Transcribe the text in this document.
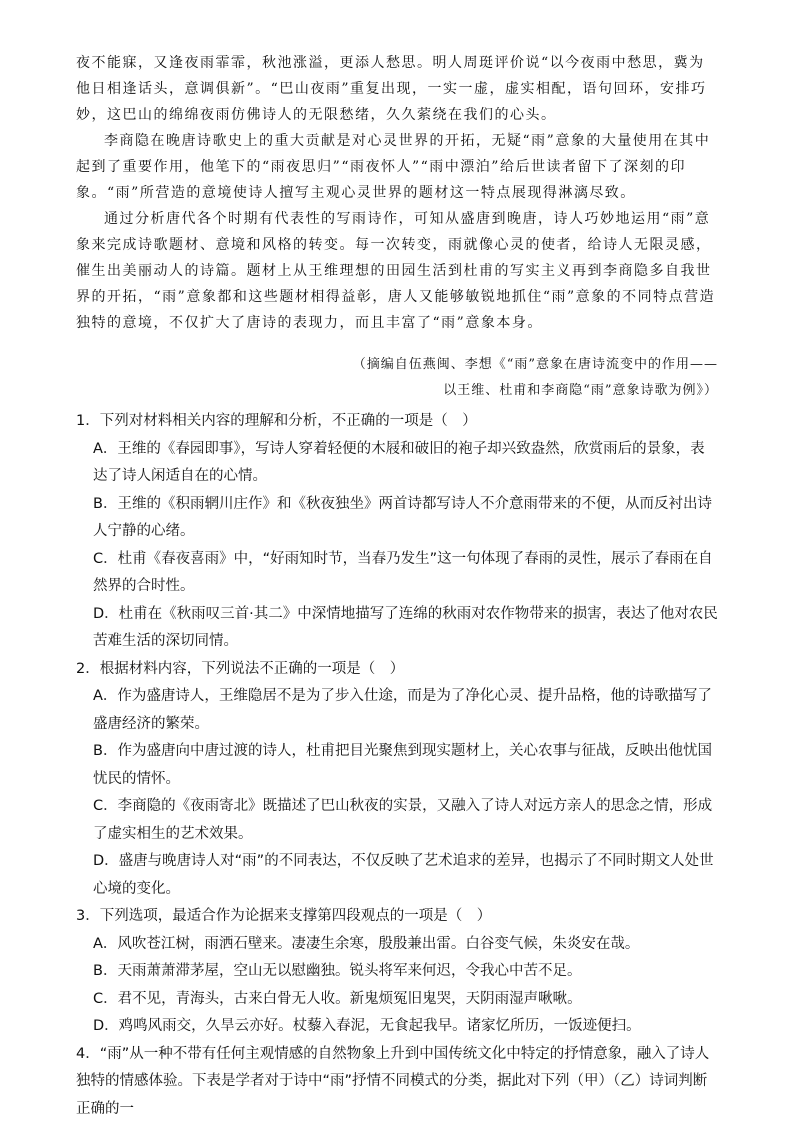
夜不能寐，又逢夜雨霏霏，秋池涨溢，更添人愁思。明人周珽评价说“以今夜雨中愁思，冀为他日相逢话头，意调俱新”。“巴山夜雨”重复出现，一实一虚，虚实相配，语句回环，安排巧妙，这巴山的绵绵夜雨仿佛诗人的无限愁绪，久久萦绕在我们的心头。

李商隐在晚唐诗歌史上的重大贡献是对心灵世界的开拓，无疑“雨”意象的大量使用在其中起到了重要作用，他笔下的“雨夜思归”“雨夜怀人”“雨中漂泊”给后世读者留下了深刻的印象。“雨”所营造的意境使诗人擅写主观心灵世界的题材这一特点展现得淋漓尽致。

通过分析唐代各个时期有代表性的写雨诗作，可知从盛唐到晚唐，诗人巧妙地运用“雨”意象来完成诗歌题材、意境和风格的转变。每一次转变，雨就像心灵的使者，给诗人无限灵感，催生出美丽动人的诗篇。题材上从王维理想的田园生活到杜甫的写实主义再到李商隐多自我世界的开拓，“雨”意象都和这些题材相得益彰，唐人又能够敏锐地抓住“雨”意象的不同特点营造独特的意境，不仅扩大了唐诗的表现力，而且丰富了“雨”意象本身。

（摘编自伍燕闽、李想《“雨”意象在唐诗流变中的作用——
以王维、杜甫和李商隐“雨”意象诗歌为例》）

1．下列对材料相关内容的理解和分析，不正确的一项是（　）

A．王维的《春园即事》，写诗人穿着轻便的木屐和破旧的袍子却兴致盎然，欣赏雨后的景象，表达了诗人闲适自在的心情。

B．王维的《积雨辋川庄作》和《秋夜独坐》两首诗都写诗人不介意雨带来的不便，从而反衬出诗人宁静的心绪。

C．杜甫《春夜喜雨》中，“好雨知时节，当春乃发生”这一句体现了春雨的灵性，展示了春雨在自然界的合时性。

D．杜甫在《秋雨叹三首·其二》中深情地描写了连绵的秋雨对农作物带来的损害，表达了他对农民苦难生活的深切同情。

2．根据材料内容，下列说法不正确的一项是（　）

A．作为盛唐诗人，王维隐居不是为了步入仕途，而是为了净化心灵、提升品格，他的诗歌描写了盛唐经济的繁荣。

B．作为盛唐向中唐过渡的诗人，杜甫把目光聚焦到现实题材上，关心农事与征战，反映出他忧国忧民的情怀。

C．李商隐的《夜雨寄北》既描述了巴山秋夜的实景，又融入了诗人对远方亲人的思念之情，形成了虚实相生的艺术效果。

D．盛唐与晚唐诗人对“雨”的不同表达，不仅反映了艺术追求的差异，也揭示了不同时期文人处世心境的变化。

3．下列选项，最适合作为论据来支撑第四段观点的一项是（　）

A．风吹苍江树，雨洒石壁来。凄凄生余寒，殷殷兼出雷。白谷变气候，朱炎安在哉。

B．天雨萧萧滞茅屋，空山无以慰幽独。锐头将军来何迟，令我心中苦不足。

C．君不见，青海头，古来白骨无人收。新鬼烦冤旧鬼哭，天阴雨湿声啾啾。

D．鸡鸣风雨交，久旱云亦好。杖藜入春泥，无食起我早。诸家忆所历，一饭迹便扫。

4．“雨”从一种不带有任何主观情感的自然物象上升到中国传统文化中特定的抒情意象，融入了诗人独特的情感体验。下表是学者对于诗中“雨”抒情不同模式的分类，据此对下列（甲）（乙）诗词判断正确的一
